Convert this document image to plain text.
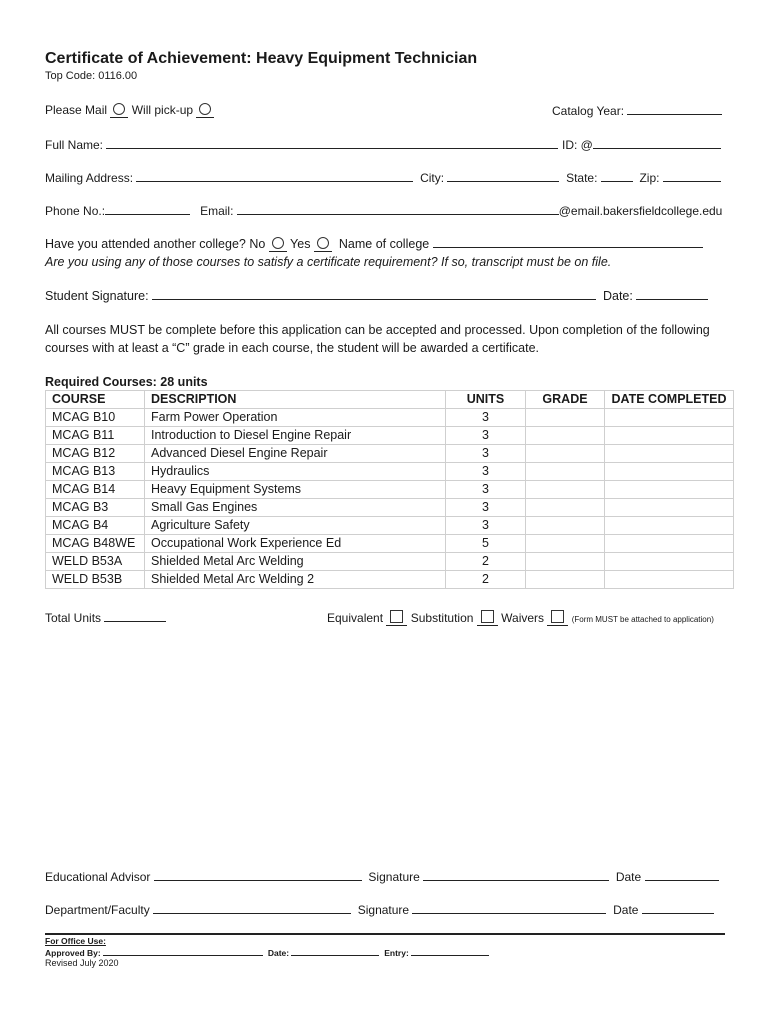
Certificate of Achievement: Heavy Equipment Technician
Top Code: 0116.00
Please Mail Will pick-up	Catalog Year:
Full Name:	ID: @
Mailing Address:	City:	State:	Zip:
Phone No.:	Email:	@email.bakersfieldcollege.edu
Have you attended another college? No Yes Name of college
Are you using any of those courses to satisfy a certificate requirement? If so, transcript must be on file.
Student Signature:	Date:
All courses MUST be complete before this application can be accepted and processed. Upon completion of the following
courses with at least a “C” grade in each course, the student will be awarded a certificate.
Required Courses: 28 units
COURSE	DESCRIPTION	UNITS	GRADE	DATE COMPLETED
MCAG B10	Farm Power Operation	3		
MCAG B11	Introduction to Diesel Engine Repair	3		
MCAG B12	Advanced Diesel Engine Repair	3		
MCAG B13	Hydraulics	3		
MCAG B14	Heavy Equipment Systems	3		
MCAG B3	Small Gas Engines	3		
MCAG B4	Agriculture Safety	3		
MCAG B48WE	Occupational Work Experience Ed	5		
WELD B53A	Shielded Metal Arc Welding	2		
WELD B53B	Shielded Metal Arc Welding 2	2		
Total Units	Equivalent Substitution Waivers	(Form MUST be attached to application)
Educational Advisor	Signature	Date
Department/Faculty	Signature	Date
For Office Use:
Approved By:	Date:	Entry:
Revised July 2020
